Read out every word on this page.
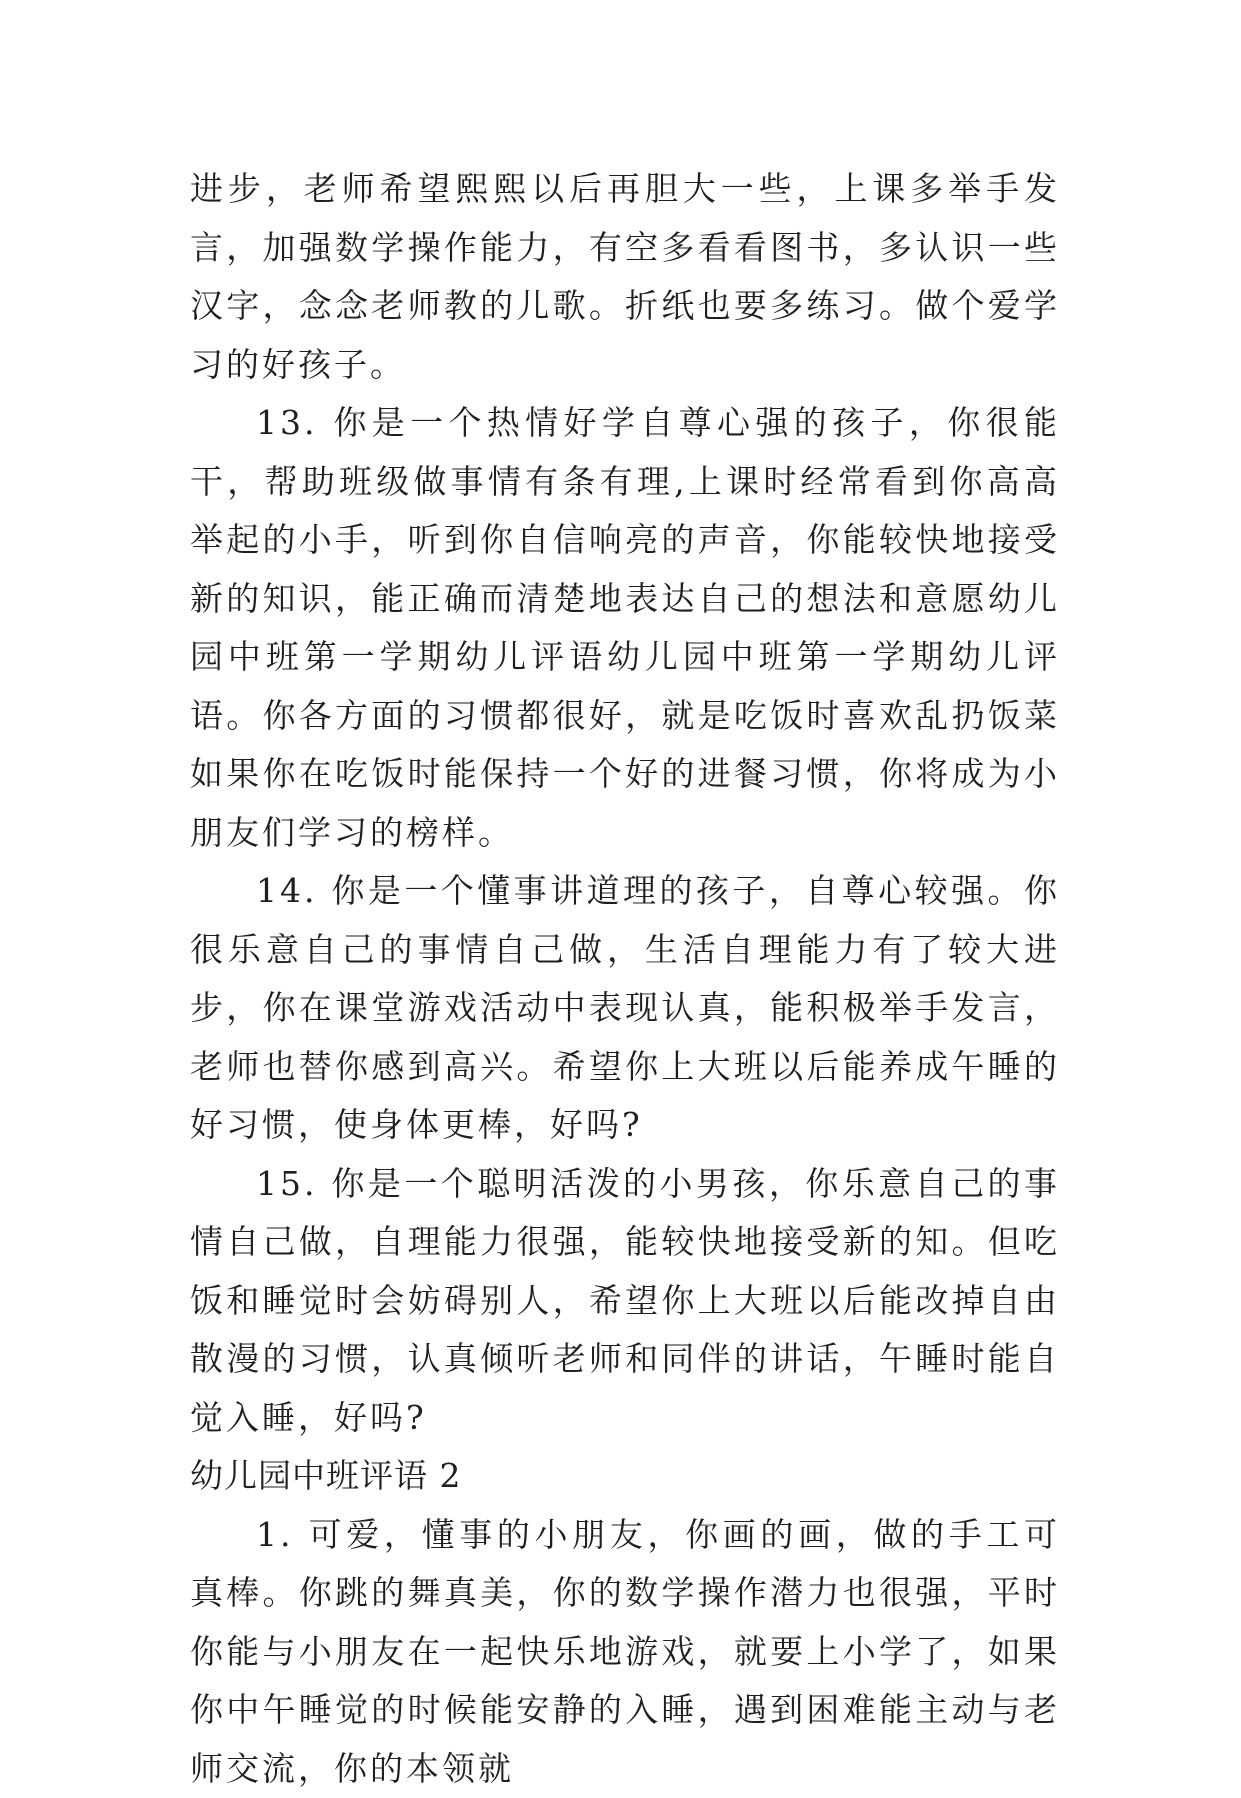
进步，老师希望熙熙以后再胆大一些，上课多举手发言，加强数学操作能力，有空多看看图书，多认识一些汉字，念念老师教的儿歌。折纸也要多练习。做个爱学习的好孩子。

13. 你是一个热情好学自尊心强的孩子，你很能干，帮助班级做事情有条有理,上课时经常看到你高高举起的小手，听到你自信响亮的声音，你能较快地接受新的知识，能正确而清楚地表达自己的想法和意愿幼儿园中班第一学期幼儿评语幼儿园中班第一学期幼儿评语。你各方面的习惯都很好，就是吃饭时喜欢乱扔饭菜如果你在吃饭时能保持一个好的进餐习惯，你将成为小朋友们学习的榜样。

14. 你是一个懂事讲道理的孩子，自尊心较强。你很乐意自己的事情自己做，生活自理能力有了较大进步，你在课堂游戏活动中表现认真，能积极举手发言，老师也替你感到高兴。希望你上大班以后能养成午睡的好习惯，使身体更棒，好吗?

15. 你是一个聪明活泼的小男孩，你乐意自己的事情自己做，自理能力很强，能较快地接受新的知。但吃饭和睡觉时会妨碍别人，希望你上大班以后能改掉自由散漫的习惯，认真倾听老师和同伴的讲话，午睡时能自觉入睡，好吗?

幼儿园中班评语 2

1. 可爱，懂事的小朋友，你画的画，做的手工可真棒。你跳的舞真美，你的数学操作潜力也很强，平时你能与小朋友在一起快乐地游戏，就要上小学了，如果你中午睡觉的时候能安静的入睡，遇到困难能主动与老师交流，你的本领就
